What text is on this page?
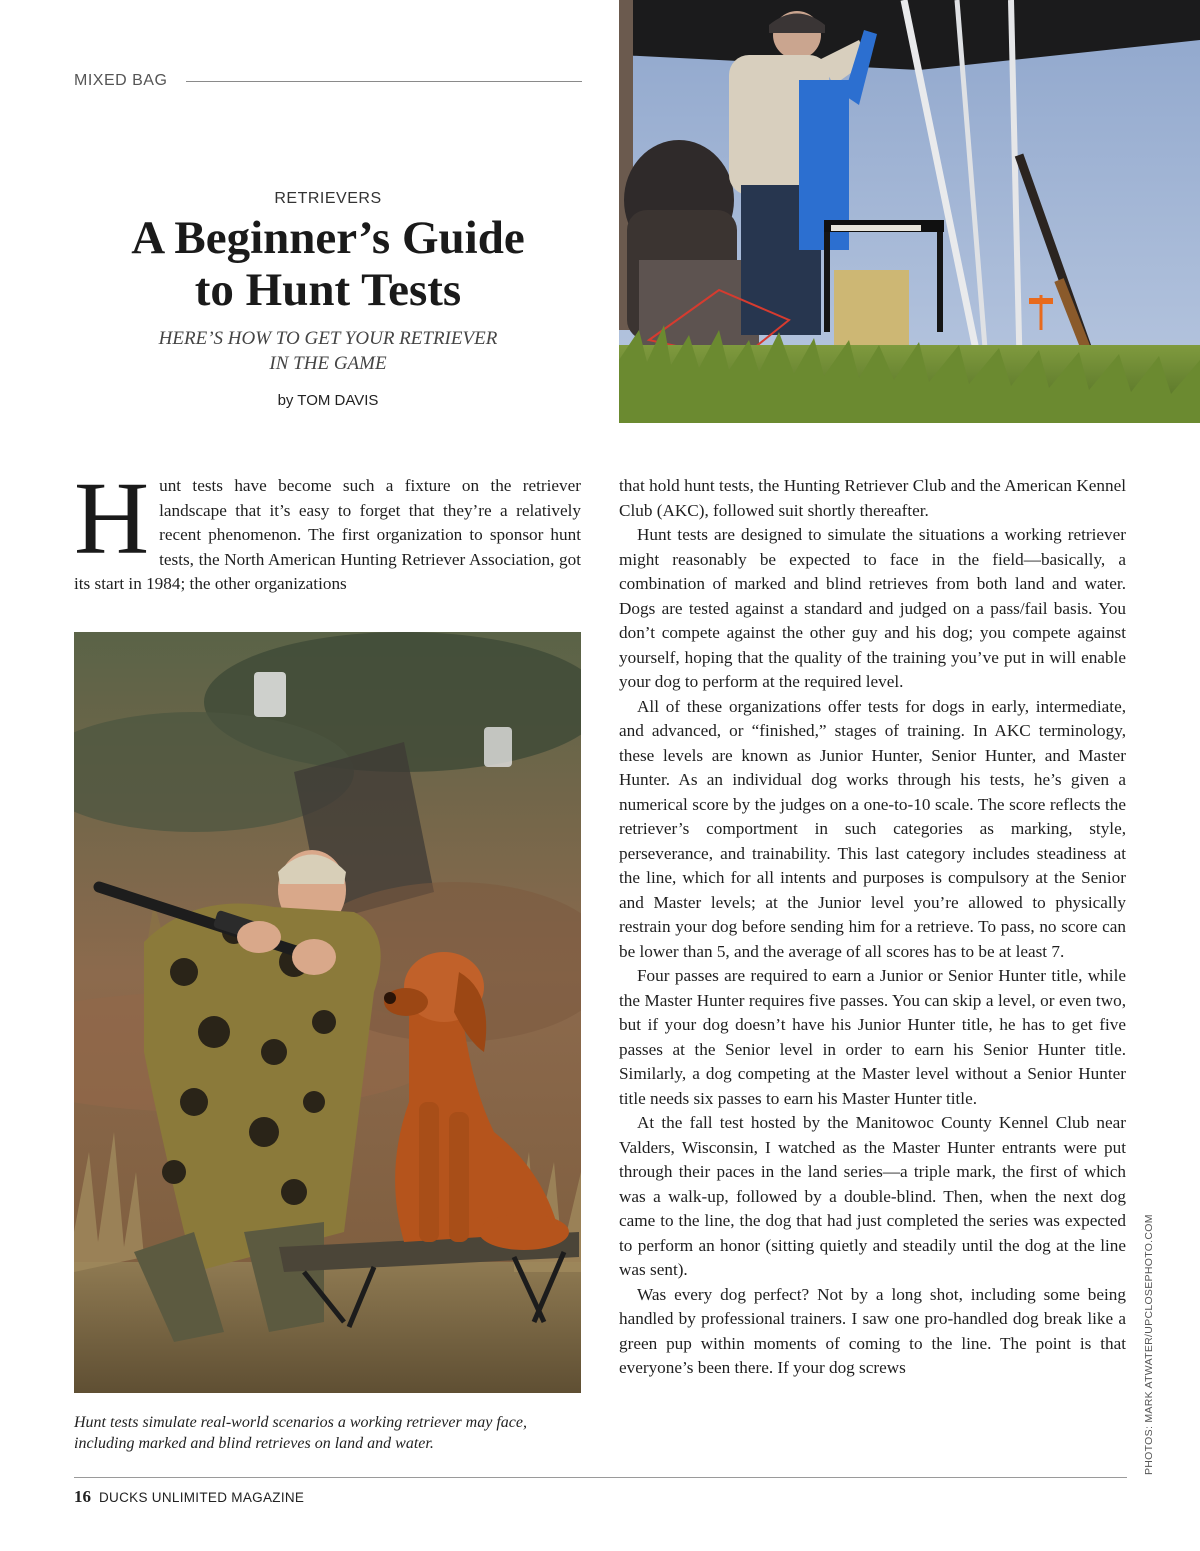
MIXED BAG
RETRIEVERS
A Beginner’s Guide
to Hunt Tests
HERE’S HOW TO GET YOUR RETRIEVER
IN THE GAME
by TOM DAVIS
H unt tests have become such a fixture on the retriever landscape that it’s easy to forget that they’re a relatively recent phenomenon. The first organization to sponsor hunt tests, the North American Hunting Retriever Association, got its start in 1984; the other organizations

that hold hunt tests, the Hunting Retriever Club and the American Kennel Club (AKC), followed suit shortly thereafter.

Hunt tests are designed to simulate the situations a working retriever might reasonably be expected to face in the field—basically, a combination of marked and blind retrieves from both land and water. Dogs are tested against a standard and judged on a pass/fail basis. You don’t compete against the other guy and his dog; you compete against yourself, hoping that the quality of the training you’ve put in will enable your dog to perform at the required level.

All of these organizations offer tests for dogs in early, intermediate, and advanced, or “finished,” stages of training. In AKC terminology, these levels are known as Junior Hunter, Senior Hunter, and Master Hunter. As an individual dog works through his tests, he’s given a numerical score by the judges on a one-to-10 scale. The score reflects the retriever’s comportment in such categories as marking, style, perseverance, and trainability. This last category includes steadiness at the line, which for all intents and purposes is compulsory at the Senior and Master levels; at the Junior level you’re allowed to physically restrain your dog before sending him for a retrieve. To pass, no score can be lower than 5, and the average of all scores has to be at least 7.

Four passes are required to earn a Junior or Senior Hunter title, while the Master Hunter requires five passes. You can skip a level, or even two, but if your dog doesn’t have his Junior Hunter title, he has to get five passes at the Senior level in order to earn his Senior Hunter title. Similarly, a dog competing at the Master level without a Senior Hunter title needs six passes to earn his Master Hunter title.

At the fall test hosted by the Manitowoc County Kennel Club near Valders, Wisconsin, I watched as the Master Hunter entrants were put through their paces in the land series—a triple mark, the first of which was a walk-up, followed by a double-blind. Then, when the next dog came to the line, the dog that had just completed the series was expected to perform an honor (sitting quietly and steadily until the dog at the line was sent).

Was every dog perfect? Not by a long shot, including some being handled by professional trainers. I saw one pro-handled dog break like a green pup within moments of coming to the line. The point is that everyone’s been there. If your dog screws

Hunt tests simulate real-world scenarios a working retriever may face, including marked and blind retrieves on land and water.	PHOTOS: MARK ATWATER/UPCLOSEPHOTO.COM
16 DUCKS UNLIMITED MAGAZINE
